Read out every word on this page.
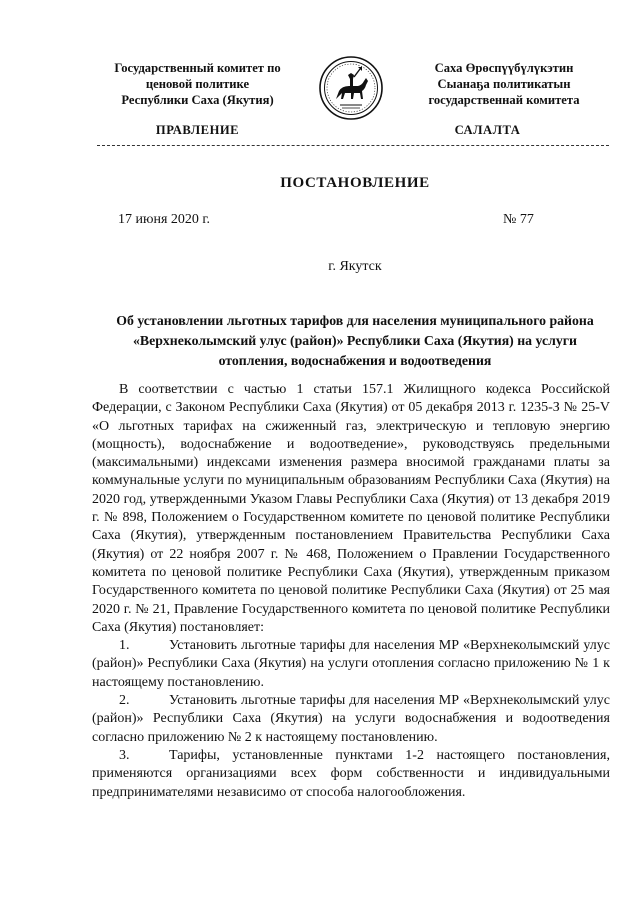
Государственный комитет по
ценовой политике
Республики Саха (Якутия)
Саха Өрөспүүбүлүкэтин
Сыанаҕа политикатын
государственнай комитета
ПРАВЛЕНИЕ	САЛАЛТА
ПОСТАНОВЛЕНИЕ
17 июня 2020 г.	№ 77
г. Якутск
Об установлении льготных тарифов для населения муниципального района «Верхнеколымский улус (район)» Республики Саха (Якутия) на услуги отопления, водоснабжения и водоотведения

В соответствии с частью 1 статьи 157.1 Жилищного кодекса Российской Федерации, с Законом Республики Саха (Якутия) от 05 декабря 2013 г. 1235-З № 25-V «О льготных тарифах на сжиженный газ, электрическую и тепловую энергию (мощность), водоснабжение и водоотведение», руководствуясь предельными (максимальными) индексами изменения размера вносимой гражданами платы за коммунальные услуги по муниципальным образованиям Республики Саха (Якутия) на 2020 год, утвержденными Указом Главы Республики Саха (Якутия) от 13 декабря 2019 г. № 898, Положением о Государственном комитете по ценовой политике Республики Саха (Якутия), утвержденным постановлением Правительства Республики Саха (Якутия) от 22 ноября 2007 г. № 468, Положением о Правлении Государственного комитета по ценовой политике Республики Саха (Якутия), утвержденным приказом Государственного комитета по ценовой политике Республики Саха (Якутия) от 25 мая 2020 г. № 21, Правление Государственного комитета по ценовой политике Республики Саха (Якутия) постановляет:

1.	Установить льготные тарифы для населения МР «Верхнеколымский улус (район)» Республики Саха (Якутия) на услуги отопления согласно приложению № 1 к настоящему постановлению.

2.	Установить льготные тарифы для населения МР «Верхнеколымский улус (район)» Республики Саха (Якутия) на услуги водоснабжения и водоотведения согласно приложению № 2 к настоящему постановлению.

3.	Тарифы, установленные пунктами 1-2 настоящего постановления, применяются организациями всех форм собственности и индивидуальными предпринимателями независимо от способа налогообложения.
